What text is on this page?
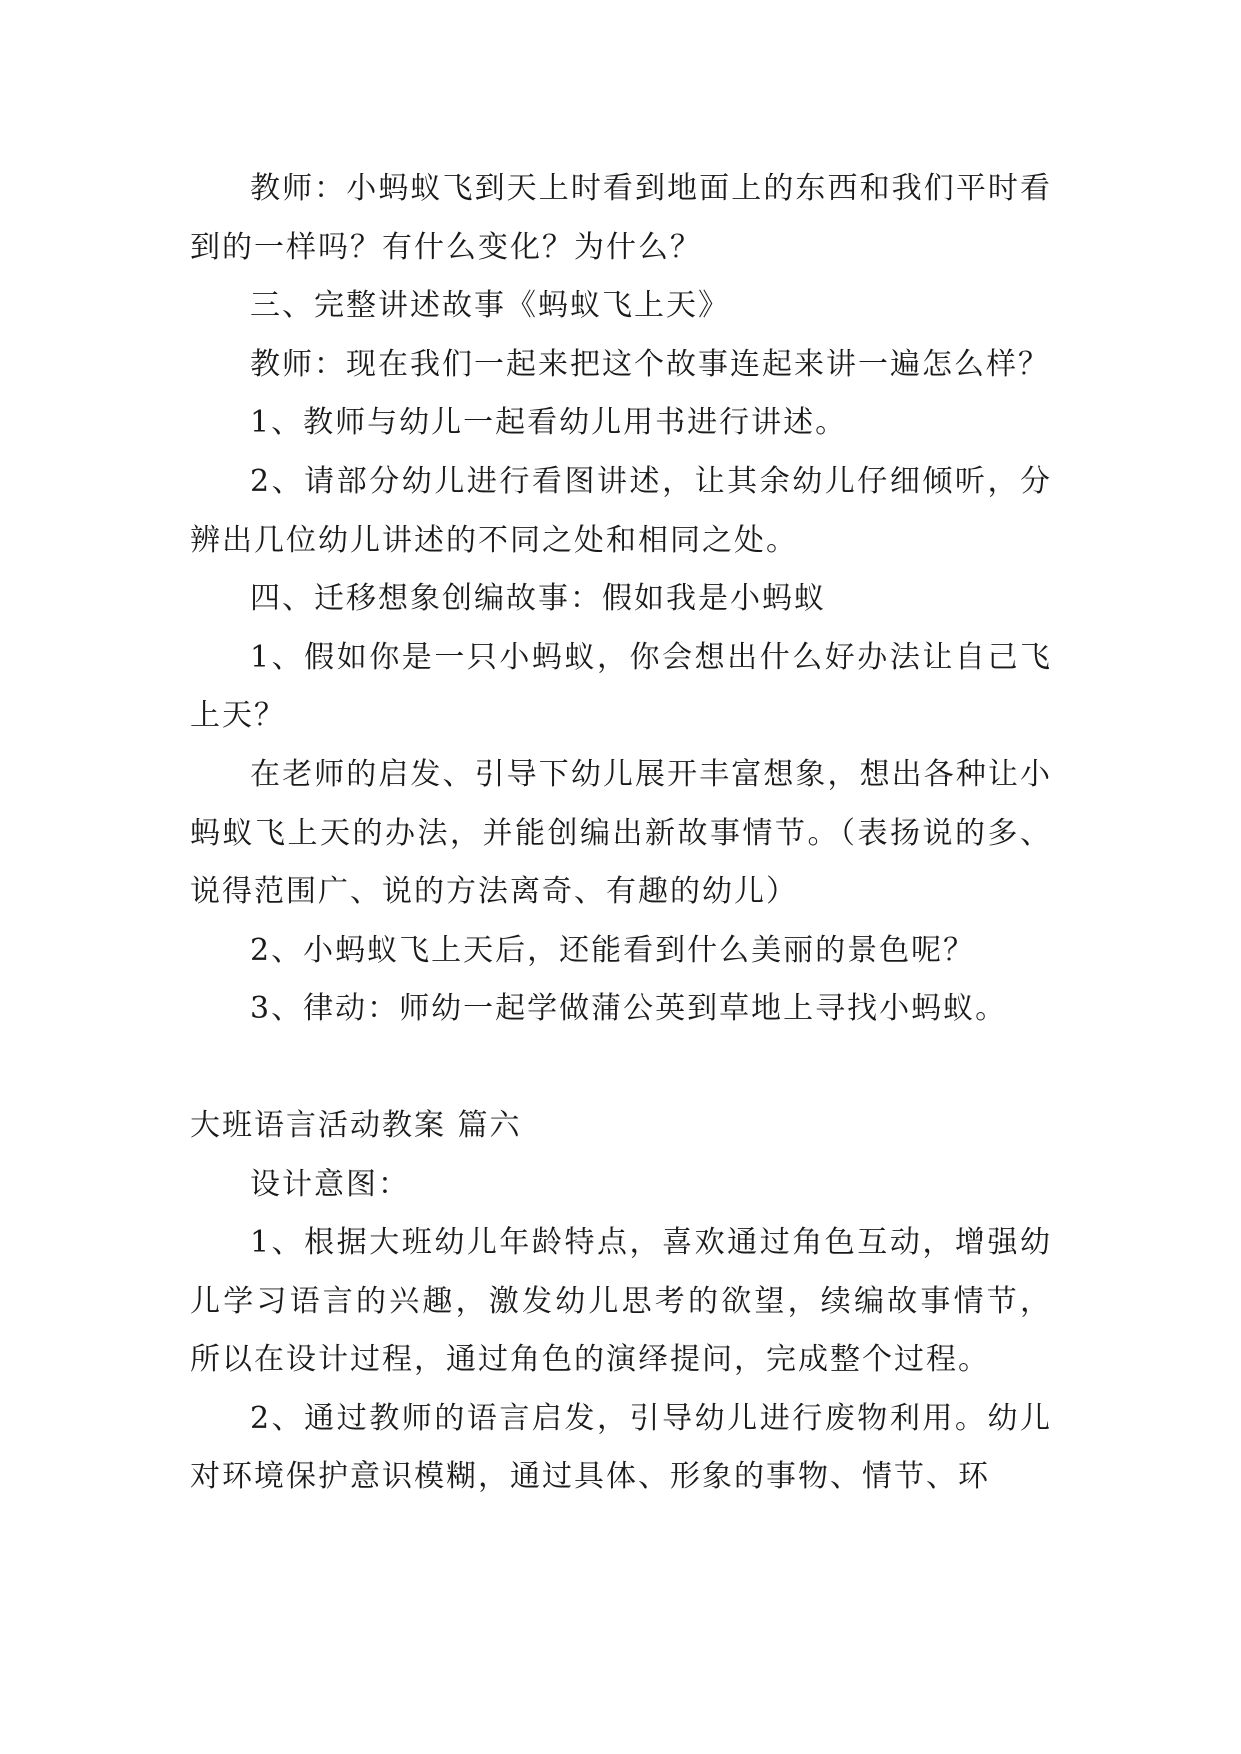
教师：小蚂蚁飞到天上时看到地面上的东西和我们平时看到的一样吗？有什么变化？为什么？

三、完整讲述故事《蚂蚁飞上天》

教师：现在我们一起来把这个故事连起来讲一遍怎么样？

1、教师与幼儿一起看幼儿用书进行讲述。

2、请部分幼儿进行看图讲述，让其余幼儿仔细倾听，分辨出几位幼儿讲述的不同之处和相同之处。

四、迁移想象创编故事：假如我是小蚂蚁

1、假如你是一只小蚂蚁，你会想出什么好办法让自己飞上天？

在老师的启发、引导下幼儿展开丰富想象，想出各种让小蚂蚁飞上天的办法，并能创编出新故事情节。（表扬说的多、说得范围广、说的方法离奇、有趣的幼儿）

2、小蚂蚁飞上天后，还能看到什么美丽的景色呢？

3、律动：师幼一起学做蒲公英到草地上寻找小蚂蚁。

大班语言活动教案 篇六

设计意图：

1、根据大班幼儿年龄特点，喜欢通过角色互动，增强幼儿学习语言的兴趣，激发幼儿思考的欲望，续编故事情节，所以在设计过程，通过角色的演绎提问，完成整个过程。

2、通过教师的语言启发，引导幼儿进行废物利用。幼儿对环境保护意识模糊，通过具体、形象的事物、情节、环
